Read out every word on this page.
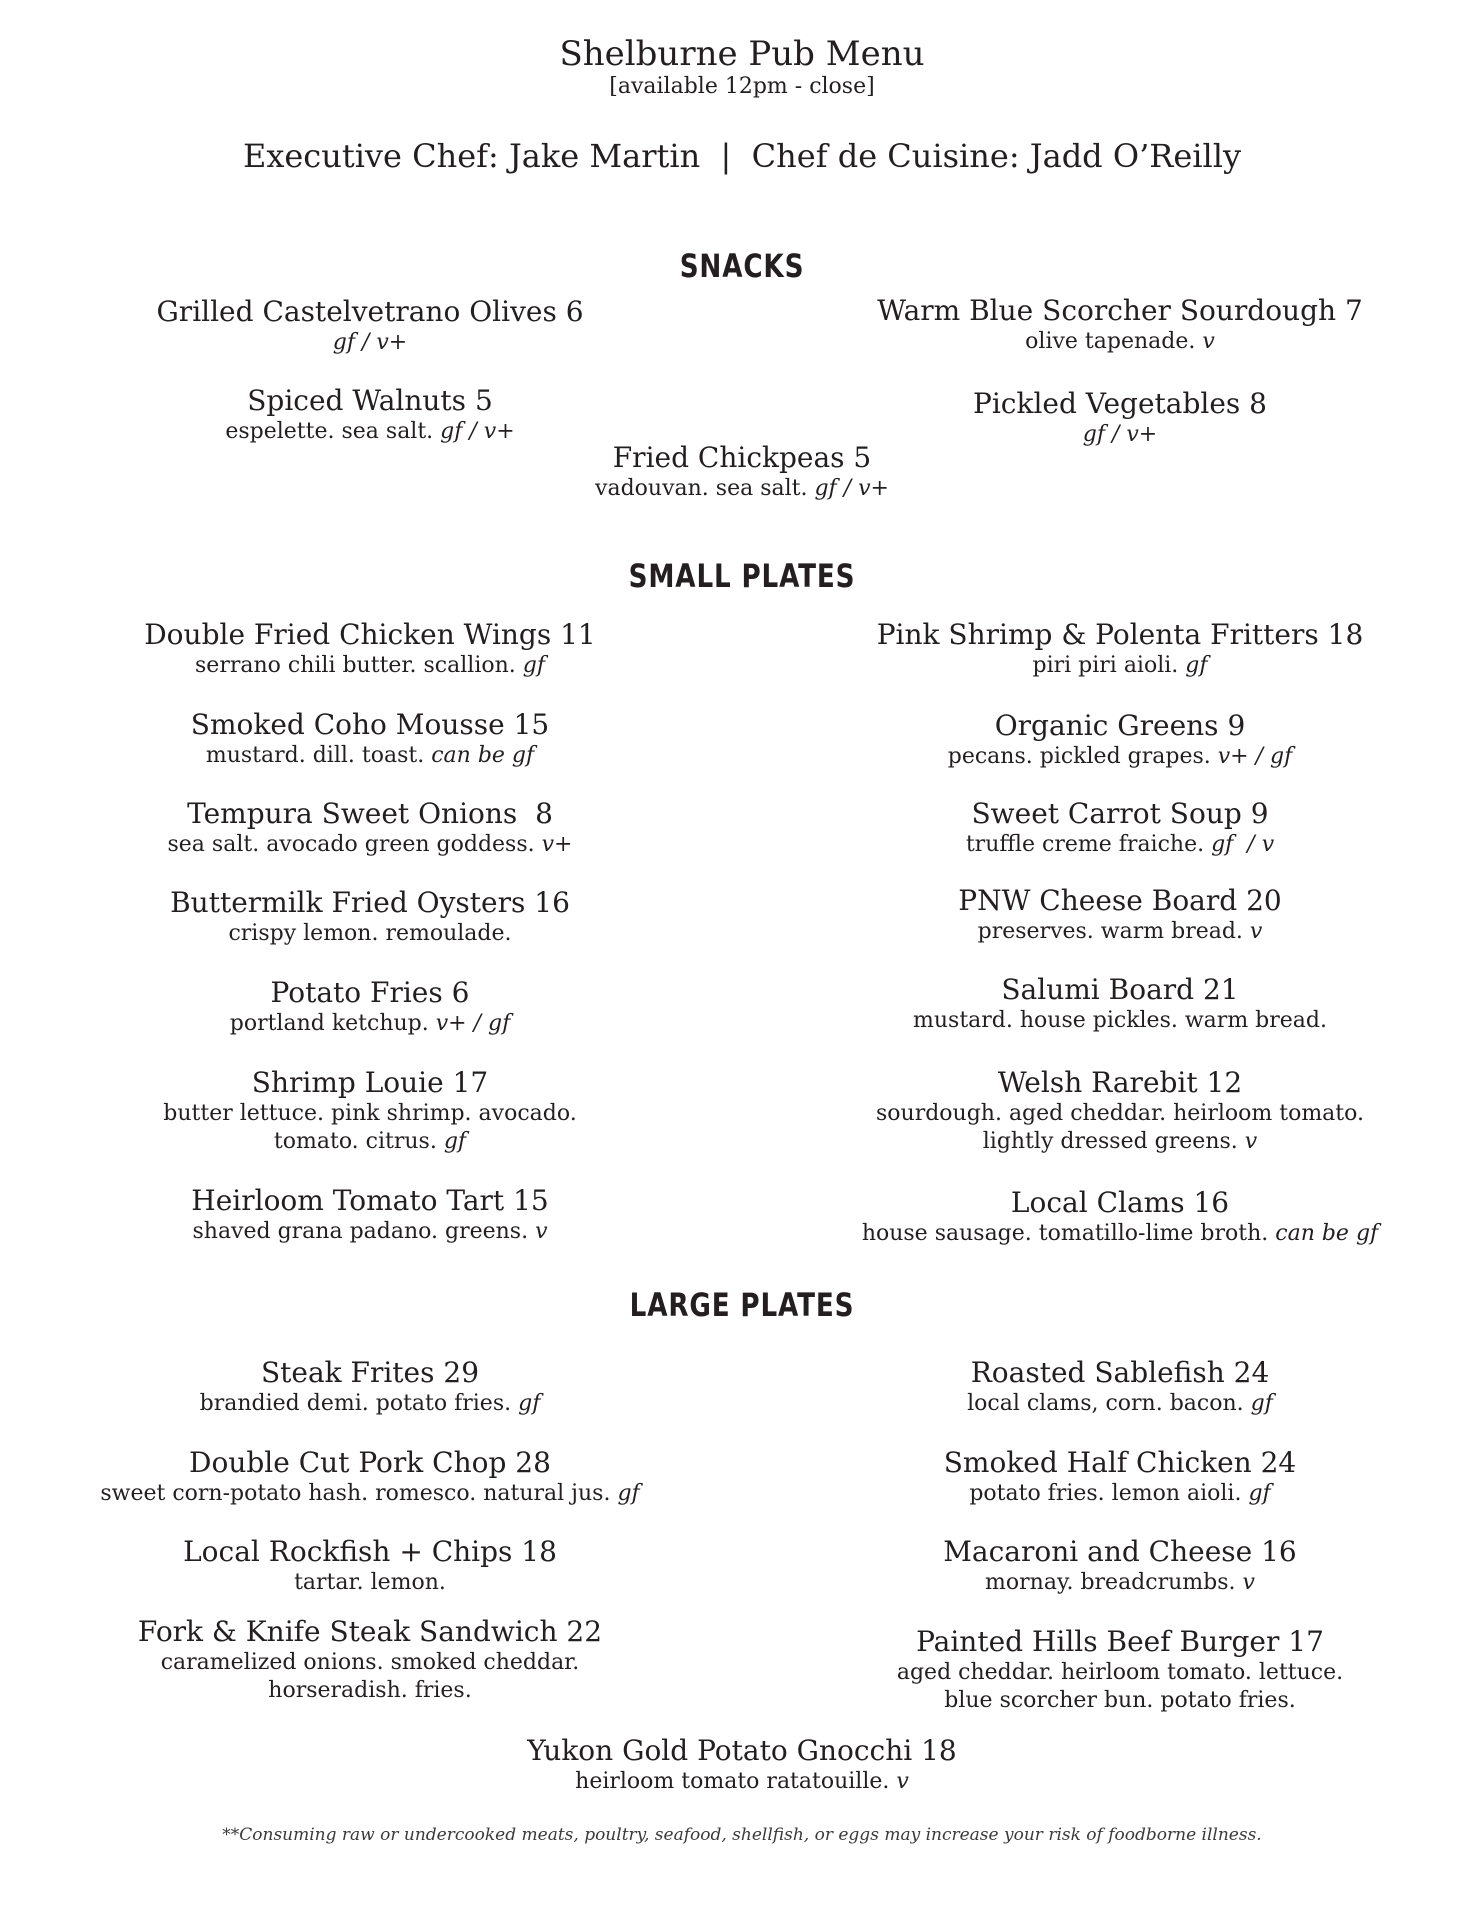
Shelburne Pub Menu
[available 12pm - close]
Executive Chef: Jake Martin  |  Chef de Cuisine: Jadd O’Reilly
SNACKS
Grilled Castelvetrano Olives 6
gf / v+
Spiced Walnuts 5
espelette. sea salt. gf / v+
Fried Chickpeas 5
vadouvan. sea salt. gf / v+
Warm Blue Scorcher Sourdough 7
olive tapenade. v
Pickled Vegetables 8
gf / v+
SMALL PLATES
Double Fried Chicken Wings 11
serrano chili butter. scallion. gf
Smoked Coho Mousse 15
mustard. dill. toast. can be gf
Tempura Sweet Onions  8
sea salt. avocado green goddess. v+
Buttermilk Fried Oysters 16
crispy lemon. remoulade.
Potato Fries 6
portland ketchup. v+ / gf
Shrimp Louie 17
butter lettuce. pink shrimp. avocado.
tomato. citrus. gf
Heirloom Tomato Tart 15
shaved grana padano. greens. v
Pink Shrimp & Polenta Fritters 18
piri piri aioli. gf
Organic Greens 9
pecans. pickled grapes. v+ / gf
Sweet Carrot Soup 9
truffle creme fraiche. gf  / v
PNW Cheese Board 20
preserves. warm bread. v
Salumi Board 21
mustard. house pickles. warm bread.
Welsh Rarebit 12
sourdough. aged cheddar. heirloom tomato.
lightly dressed greens. v
Local Clams 16
house sausage. tomatillo-lime broth. can be gf
LARGE PLATES
Steak Frites 29
brandied demi. potato fries. gf
Double Cut Pork Chop 28
sweet corn-potato hash. romesco. natural jus. gf
Local Rockfish + Chips 18
tartar. lemon.
Fork & Knife Steak Sandwich 22
caramelized onions. smoked cheddar.
horseradish. fries.
Roasted Sablefish 24
local clams, corn. bacon. gf
Smoked Half Chicken 24
potato fries. lemon aioli. gf
Macaroni and Cheese 16
mornay. breadcrumbs. v
Painted Hills Beef Burger 17
aged cheddar. heirloom tomato. lettuce.
blue scorcher bun. potato fries.
Yukon Gold Potato Gnocchi 18
heirloom tomato ratatouille. v
**Consuming raw or undercooked meats, poultry, seafood, shellfish, or eggs may increase your risk of foodborne illness.
